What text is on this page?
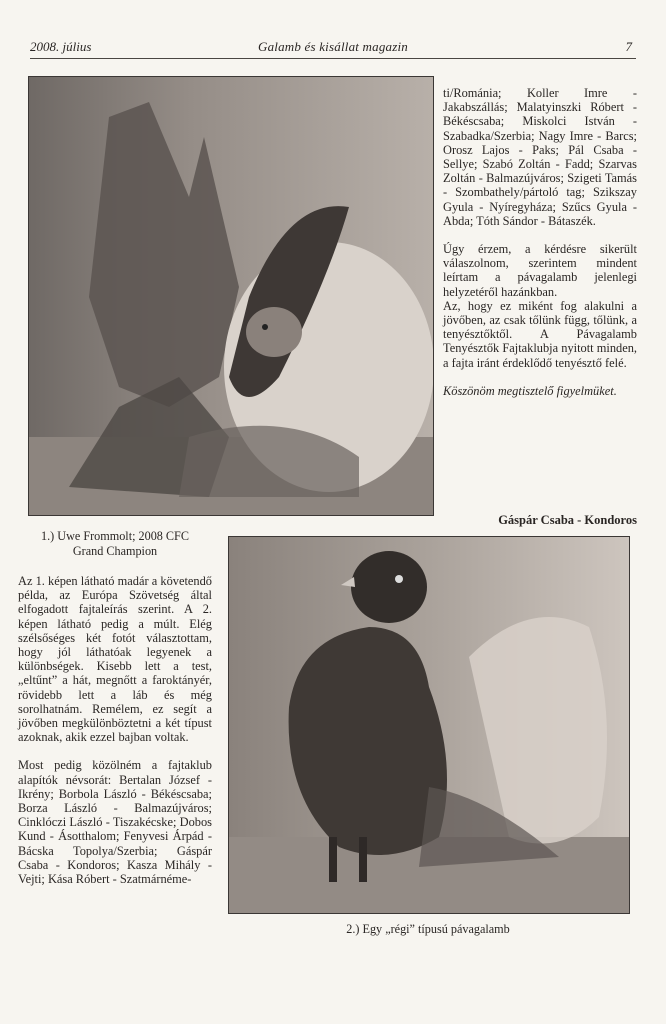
2008. július	Galamb és kisállat magazin	7
1.) Uwe Frommolt; 2008 CFC
Grand Champion

ti/Románia; Koller Imre - Jakabszállás; Malatyinszki Róbert - Békéscsaba; Miskolci István - Szabadka/Szerbia; Nagy Imre - Barcs; Orosz Lajos - Paks; Pál Csaba - Sellye; Szabó Zoltán - Fadd; Szarvas Zoltán - Balmazújváros; Szigeti Tamás - Szombathely/pártoló tag; Szikszay Gyula - Nyíregyháza; Szűcs Gyula - Abda; Tóth Sándor - Bátaszék.

Úgy érzem, a kérdésre sikerült válaszolnom, szerintem mindent leírtam a pávagalamb jelenlegi helyzetéről hazánkban.

Az, hogy ez miként fog alakulni a jövőben, az csak tőlünk függ, tőlünk, a tenyésztőktől. A Pávagalamb Tenyésztők Fajtaklubja nyitott minden, a fajta iránt érdeklődő tenyésztő felé.

Köszönöm megtisztelő figyelmüket.

Gáspár Csaba - Kondoros

Az 1. képen látható madár a követendő példa, az Európa Szövetség által elfogadott fajtaleírás szerint. A 2. képen látható pedig a múlt. Elég szélsőséges két fotót választottam, hogy jól láthatóak legyenek a különbségek. Kisebb lett a test, „eltűnt” a hát, megnőtt a faroktányér, rövidebb lett a láb és még sorolhatnám. Remélem, ez segít a jövőben megkülönböztetni a két típust azoknak, akik ezzel bajban voltak.

Most pedig közölném a fajtaklub alapítók névsorát: Bertalan József - Ikrény; Borbola László - Békéscsaba; Borza László - Balmazújváros; Cinklóczi László - Tiszakécske; Dobos Kund - Ásotthalom; Fenyvesi Árpád - Bácska Topolya/Szerbia; Gáspár Csaba - Kondoros; Kasza Mihály - Vejti; Kása Róbert - Szatmárnéme-

2.) Egy „régi” típusú pávagalamb
